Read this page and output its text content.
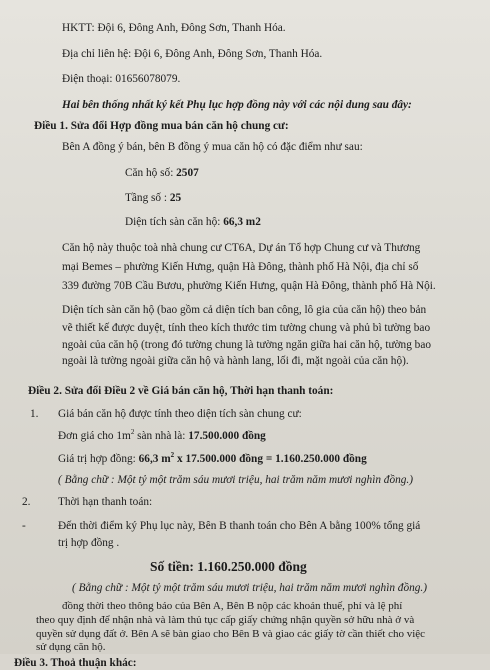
HKTT: Đội 6, Đông Anh, Đông Sơn, Thanh Hóa.
Địa chỉ liên hệ: Đội 6, Đông Anh, Đông Sơn, Thanh Hóa.
Điện thoại: 01656078079.
Hai bên thống nhất ký kết Phụ lục hợp đồng này với các nội dung sau đây:
Điều 1. Sửa đổi Hợp đồng mua bán căn hộ chung cư:
Bên A đồng ý bán, bên B đồng ý mua căn hộ có đặc điểm như sau:
Căn hộ số: 2507
Tầng số : 25
Diện tích sàn căn hộ: 66,3 m2
Căn hộ này thuộc toà nhà chung cư CT6A, Dự án Tổ hợp Chung cư và Thương
mại Bemes – phường Kiến Hưng, quận Hà Đông, thành phố Hà Nội, địa chỉ số
339 đường 70B Cầu Bươu, phường Kiến Hưng, quận Hà Đông, thành phố Hà Nội.
Diện tích sàn căn hộ (bao gồm cả diện tích ban công, lô gia của căn hộ) theo bản
vẽ thiết kế được duyệt, tính theo kích thước tim tường chung và phủ bì tường bao
ngoài của căn hộ (trong đó tường chung là tường ngăn giữa hai căn hộ, tường bao
ngoài là tường ngoài giữa căn hộ và hành lang, lối đi, mặt ngoài của căn hộ).
Điều 2. Sửa đổi Điều 2 về Giá bán căn hộ, Thời hạn thanh toán:
1. Giá bán căn hộ được tính theo diện tích sàn chung cư:
Đơn giá cho $1m^2$ sàn nhà là: 17.500.000 đồng
Giá trị hợp đồng: 66,3 $m^2$ x 17.500.000 đồng = 1.160.250.000 đồng
( Bằng chữ : Một tỷ một trăm sáu mươi triệu, hai trăm năm mươi nghìn đồng.)
2. Thời hạn thanh toán:
-	Đến thời điểm ký Phụ lục này, Bên B thanh toán cho Bên A bằng 100% tổng giá
trị hợp đồng .
Số tiền: 1.160.250.000 đồng
( Bằng chữ : Một tỷ một trăm sáu mươi triệu, hai trăm năm mươi nghìn đồng.)
đồng thời theo thông báo của Bên A, Bên B nộp các khoản thuế, phí và lệ phí
theo quy định để nhận nhà và làm thủ tục cấp giấy chứng nhận quyền sở hữu nhà ở và
quyền sử dụng đất ở. Bên A sẽ bàn giao cho Bên B và giao các giấy tờ cần thiết cho việc
sử dụng căn hộ.
Điều 3. Thoả thuận khác:
